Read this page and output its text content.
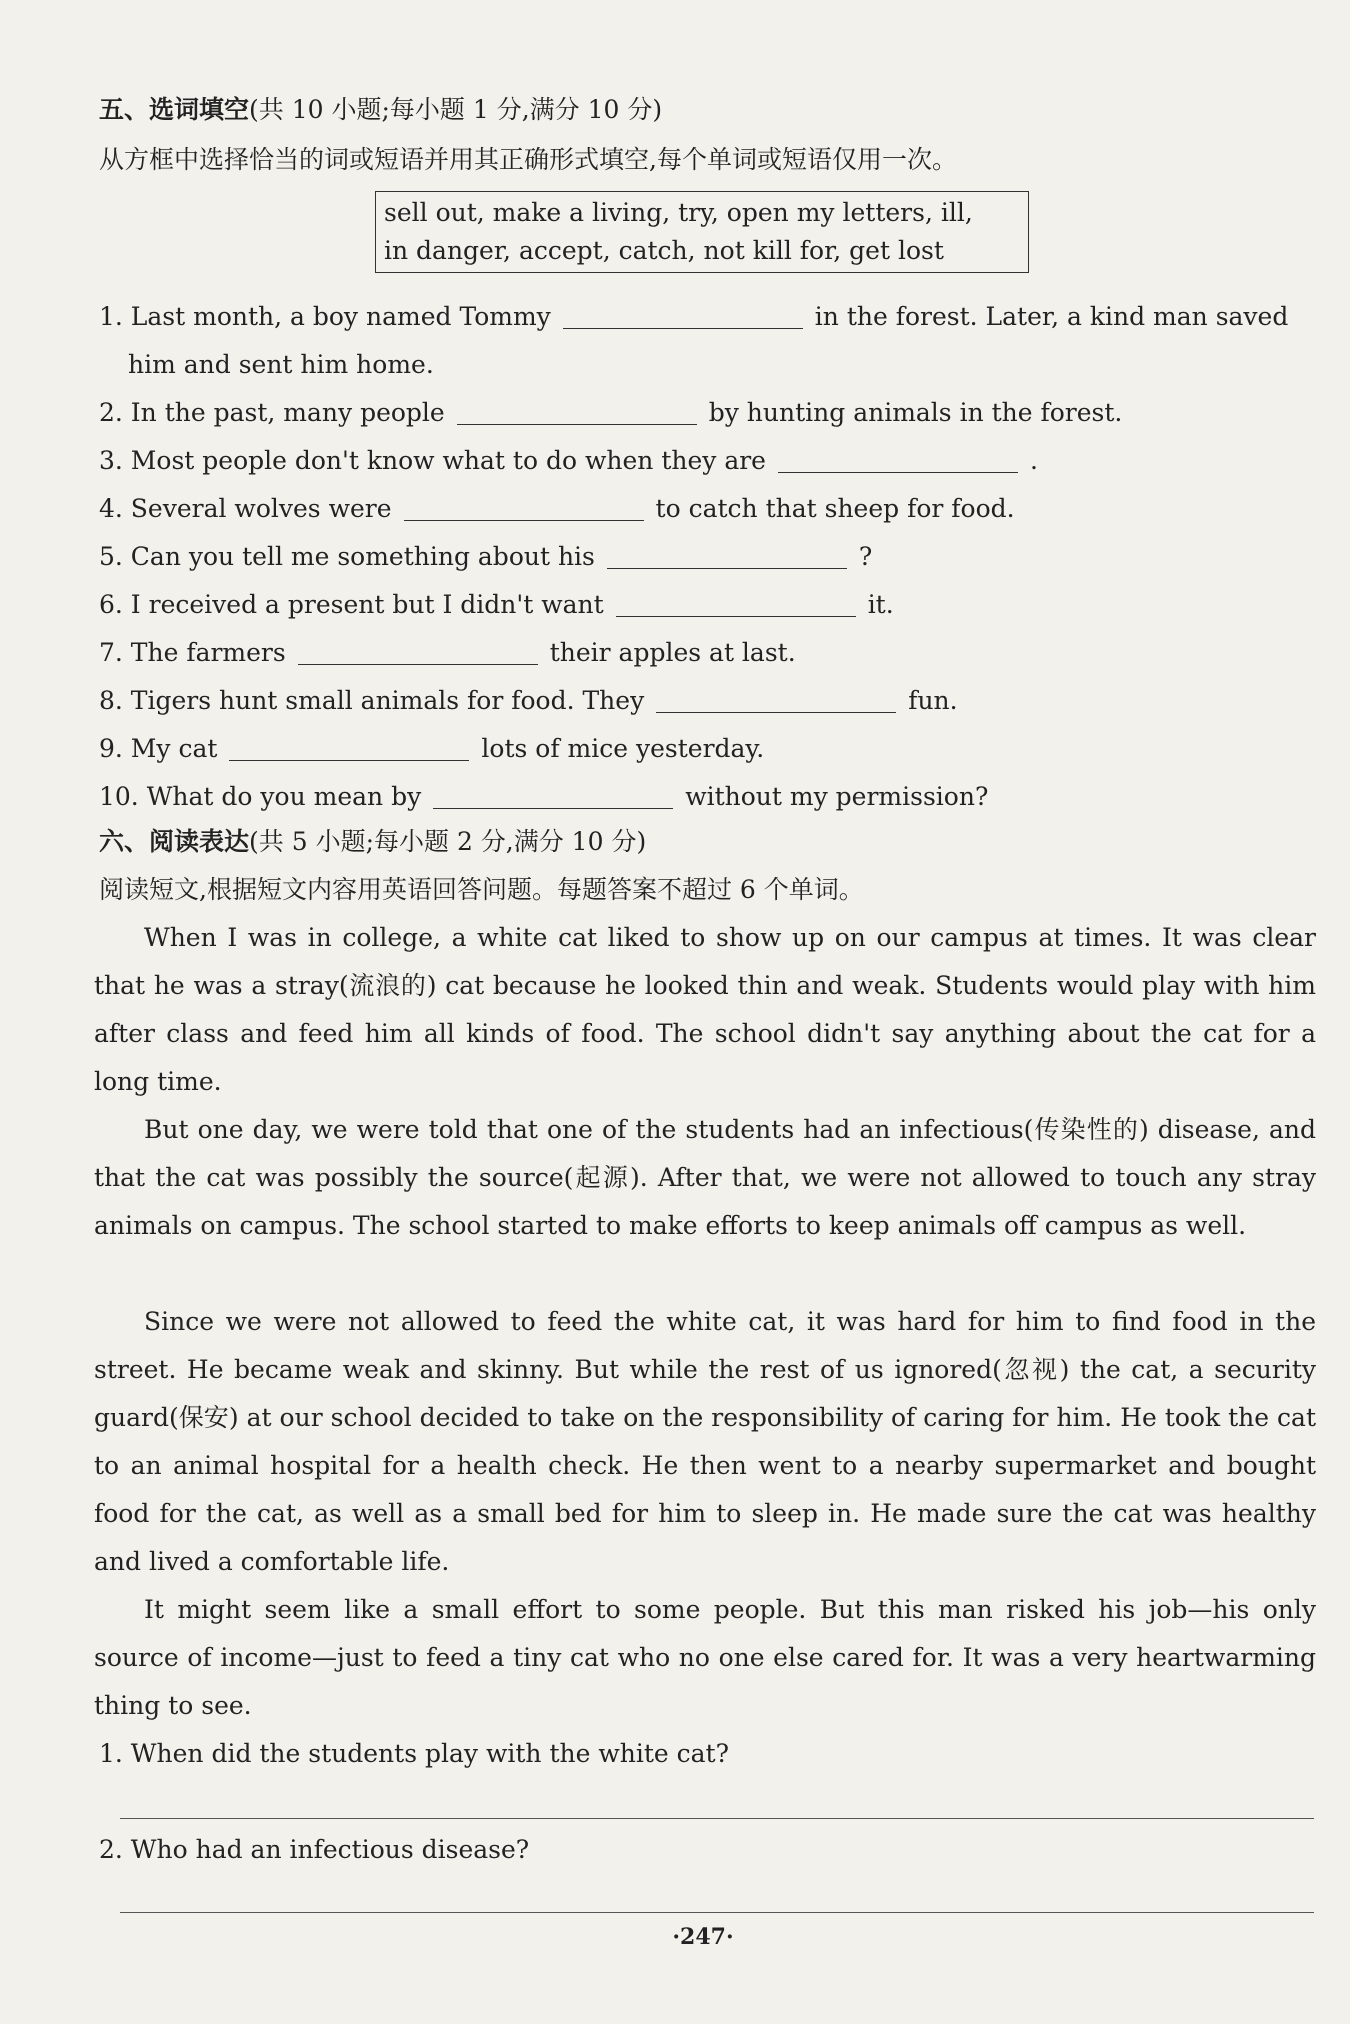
五、选词填空(共 10 小题;每小题 1 分,满分 10 分)
从方框中选择恰当的词或短语并用其正确形式填空,每个单词或短语仅用一次。
sell out, make a living, try, open my letters, ill,
in danger, accept, catch, not kill for, get lost
1. Last month, a boy named Tommy	in the forest. Later, a kind man saved
him and sent him home.
2. In the past, many people	by hunting animals in the forest.
3. Most people don't know what to do when they are	.
4. Several wolves were	to catch that sheep for food.
5. Can you tell me something about his	?
6. I received a present but I didn't want	it.
7. The farmers	their apples at last.
8. Tigers hunt small animals for food. They	fun.
9. My cat	lots of mice yesterday.
10. What do you mean by	without my permission?
六、阅读表达(共 5 小题;每小题 2 分,满分 10 分)
阅读短文,根据短文内容用英语回答问题。每题答案不超过 6 个单词。

When I was in college, a white cat liked to show up on our campus at times. It was clear that he was a stray(流浪的) cat because he looked thin and weak. Students would play with him after class and feed him all kinds of food. The school didn't say anything about the cat for a long time.

But one day, we were told that one of the students had an infectious(传染性的) disease, and that the cat was possibly the source(起源). After that, we were not allowed to touch any stray animals on campus. The school started to make efforts to keep animals off campus as well.

Since we were not allowed to feed the white cat, it was hard for him to find food in the street. He became weak and skinny. But while the rest of us ignored(忽视) the cat, a security guard(保安) at our school decided to take on the responsibility of caring for him. He took the cat to an animal hospital for a health check. He then went to a nearby supermarket and bought food for the cat, as well as a small bed for him to sleep in. He made sure the cat was healthy and lived a comfortable life.

It might seem like a small effort to some people. But this man risked his job—his only source of income—just to feed a tiny cat who no one else cared for. It was a very heartwarming thing to see.

1. When did the students play with the white cat?
2. Who had an infectious disease?
·247·
